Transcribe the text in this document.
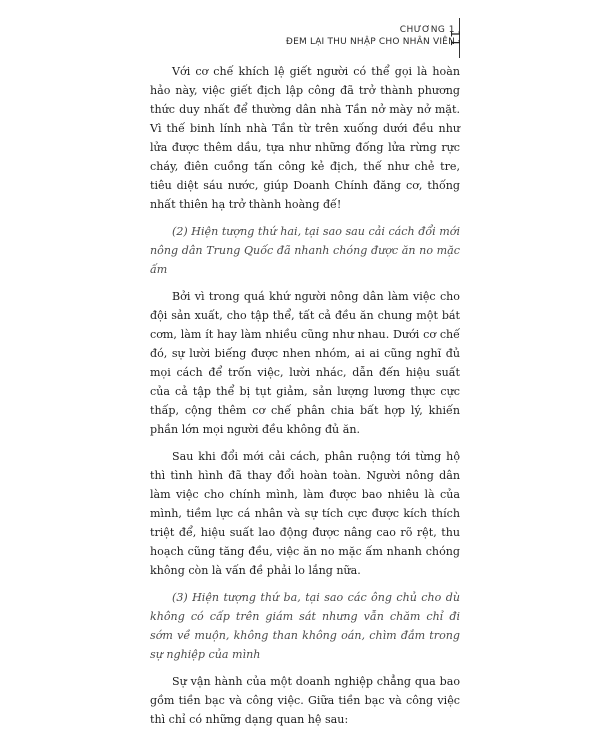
CHƯƠNG 1
ĐEM LẠI THU NHẬP CHO NHÂN VIÊN
11

Với cơ chế khích lệ giết người có thể gọi là hoàn hảo này, việc giết địch lập công đã trở thành phương thức duy nhất để thường dân nhà Tần nở mày nở mặt. Vì thế binh lính nhà Tần từ trên xuống dưới đều như lửa được thêm dầu, tựa như những đống lửa rừng rực cháy, điên cuồng tấn công kẻ địch, thế như chẻ tre, tiêu diệt sáu nước, giúp Doanh Chính đăng cơ, thống nhất thiên hạ trở thành hoàng đế!

(2) Hiện tượng thứ hai, tại sao sau cải cách đổi mới nông dân Trung Quốc đã nhanh chóng được ăn no mặc ấm

Bởi vì trong quá khứ người nông dân làm việc cho đội sản xuất, cho tập thể, tất cả đều ăn chung một bát cơm, làm ít hay làm nhiều cũng như nhau. Dưới cơ chế đó, sự lười biếng được nhen nhóm, ai ai cũng nghĩ đủ mọi cách để trốn việc, lười nhác, dẫn đến hiệu suất của cả tập thể bị tụt giảm, sản lượng lương thực cực thấp, cộng thêm cơ chế phân chia bất hợp lý, khiến phần lớn mọi người đều không đủ ăn.

Sau khi đổi mới cải cách, phân ruộng tới từng hộ thì tình hình đã thay đổi hoàn toàn. Người nông dân làm việc cho chính mình, làm được bao nhiêu là của mình, tiềm lực cá nhân và sự tích cực được kích thích triệt để, hiệu suất lao động được nâng cao rõ rệt, thu hoạch cũng tăng đều, việc ăn no mặc ấm nhanh chóng không còn là vấn đề phải lo lắng nữa.

(3) Hiện tượng thứ ba, tại sao các ông chủ cho dù không có cấp trên giám sát nhưng vẫn chăm chỉ đi sớm về muộn, không than không oán, chìm đắm trong sự nghiệp của mình

Sự vận hành của một doanh nghiệp chẳng qua bao gồm tiền bạc và công việc. Giữa tiền bạc và công việc thì chỉ có những dạng quan hệ sau:
